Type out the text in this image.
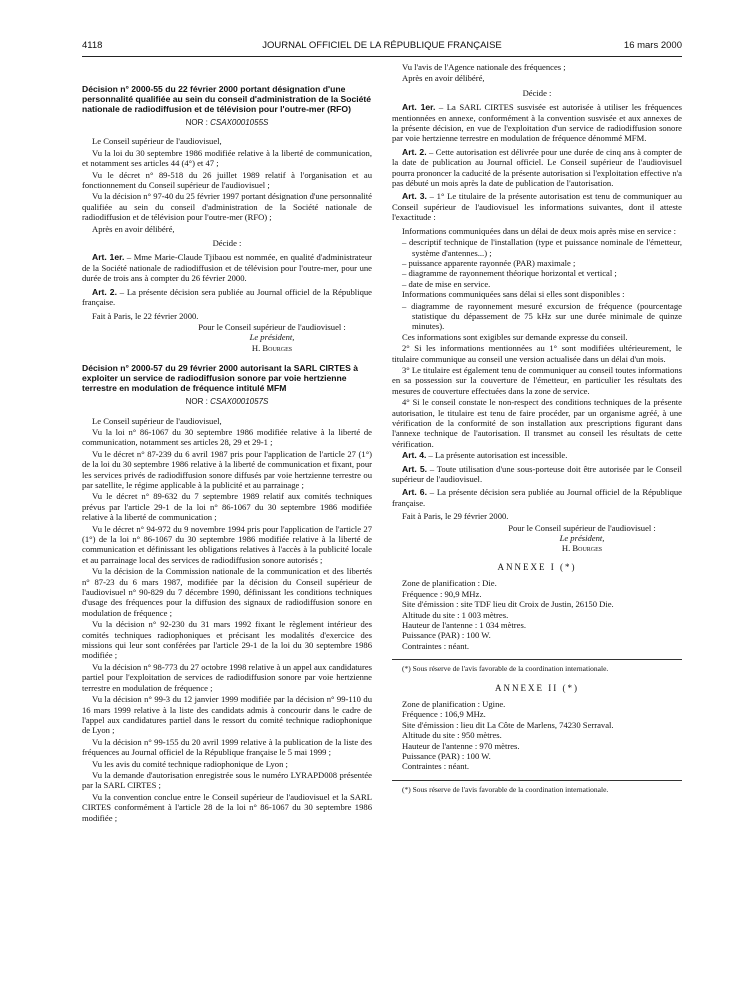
4118	JOURNAL OFFICIEL DE LA RÉPUBLIQUE FRANÇAISE	16 mars 2000
Décision n° 2000-55 du 22 février 2000 portant désignation d'une personnalité qualifiée au sein du conseil d'administration de la Société nationale de radiodiffusion et de télévision pour l'outre-mer (RFO)
NOR : CSAX0001055S

Le Conseil supérieur de l'audiovisuel,

Vu la loi du 30 septembre 1986 modifiée relative à la liberté de communication, et notamment ses articles 44 (4°) et 47 ;

Vu le décret n° 89-518 du 26 juillet 1989 relatif à l'organisation et au fonctionnement du Conseil supérieur de l'audiovisuel ;

Vu la décision n° 97-40 du 25 février 1997 portant désignation d'une personnalité qualifiée au sein du conseil d'administration de la Société nationale de radiodiffusion et de télévision pour l'outre-mer (RFO) ;

Après en avoir délibéré,

Décide :

Art. 1er. – Mme Marie-Claude Tjibaou est nommée, en qualité d'administrateur de la Société nationale de radiodiffusion et de télévision pour l'outre-mer, pour une durée de trois ans à compter du 26 février 2000.

Art. 2. – La présente décision sera publiée au Journal officiel de la République française.

Fait à Paris, le 22 février 2000.

Pour le Conseil supérieur de l'audiovisuel :

Le président,

H. Bourges

Décision n° 2000-57 du 29 février 2000 autorisant la SARL CIRTES à exploiter un service de radiodiffusion sonore par voie hertzienne terrestre en modulation de fréquence intitulé MFM
NOR : CSAX0001057S

Le Conseil supérieur de l'audiovisuel,

Vu la loi n° 86-1067 du 30 septembre 1986 modifiée relative à la liberté de communication, notamment ses articles 28, 29 et 29-1 ;

Vu le décret n° 87-239 du 6 avril 1987 pris pour l'application de l'article 27 (1°) de la loi du 30 septembre 1986 relative à la liberté de communication et fixant, pour les services privés de radiodiffusion sonore diffusés par voie hertzienne terrestre ou par satellite, le régime applicable à la publicité et au parrainage ;

Vu le décret n° 89-632 du 7 septembre 1989 relatif aux comités techniques prévus par l'article 29-1 de la loi n° 86-1067 du 30 septembre 1986 modifiée relative à la liberté de communication ;

Vu le décret n° 94-972 du 9 novembre 1994 pris pour l'application de l'article 27 (1°) de la loi n° 86-1067 du 30 septembre 1986 modifiée relative à la liberté de communication et définissant les obligations relatives à l'accès à la publicité locale et au parrainage local des services de radiodiffusion sonore autorisés ;

Vu la décision de la Commission nationale de la communication et des libertés n° 87-23 du 6 mars 1987, modifiée par la décision du Conseil supérieur de l'audiovisuel n° 90-829 du 7 décembre 1990, définissant les conditions techniques d'usage des fréquences pour la diffusion des signaux de radiodiffusion sonore en modulation de fréquence ;

Vu la décision n° 92-230 du 31 mars 1992 fixant le règlement intérieur des comités techniques radiophoniques et précisant les modalités d'exercice des missions qui leur sont conférées par l'article 29-1 de la loi du 30 septembre 1986 modifiée ;

Vu la décision n° 98-773 du 27 octobre 1998 relative à un appel aux candidatures partiel pour l'exploitation de services de radiodiffusion sonore par voie hertzienne terrestre en modulation de fréquence ;

Vu la décision n° 99-3 du 12 janvier 1999 modifiée par la décision n° 99-110 du 16 mars 1999 relative à la liste des candidats admis à concourir dans le cadre de l'appel aux candidatures partiel dans le ressort du comité technique radiophonique de Lyon ;

Vu la décision n° 99-155 du 20 avril 1999 relative à la publication de la liste des fréquences au Journal officiel de la République française le 5 mai 1999 ;

Vu les avis du comité technique radiophonique de Lyon ;

Vu la demande d'autorisation enregistrée sous le numéro LYRAPD008 présentée par la SARL CIRTES ;

Vu la convention conclue entre le Conseil supérieur de l'audiovisuel et la SARL CIRTES conformément à l'article 28 de la loi n° 86-1067 du 30 septembre 1986 modifiée ;

Vu l'avis de l'Agence nationale des fréquences ;

Après en avoir délibéré,

Décide :

Art. 1er. – La SARL CIRTES susvisée est autorisée à utiliser les fréquences mentionnées en annexe, conformément à la convention susvisée et aux annexes de la présente décision, en vue de l'exploitation d'un service de radiodiffusion sonore par voie hertzienne terrestre en modulation de fréquence dénommé MFM.

Art. 2. – Cette autorisation est délivrée pour une durée de cinq ans à compter de la date de publication au Journal officiel. Le Conseil supérieur de l'audiovisuel pourra prononcer la caducité de la présente autorisation si l'exploitation effective n'a pas débuté un mois après la date de publication de l'autorisation.

Art. 3. – 1° Le titulaire de la présente autorisation est tenu de communiquer au Conseil supérieur de l'audiovisuel les informations suivantes, dont il atteste l'exactitude :

Informations communiquées dans un délai de deux mois après mise en service :

– descriptif technique de l'installation (type et puissance nominale de l'émetteur, système d'antennes...) ;

– puissance apparente rayonnée (PAR) maximale ;

– diagramme de rayonnement théorique horizontal et vertical ;

– date de mise en service.

Informations communiquées sans délai si elles sont disponibles :

– diagramme de rayonnement mesuré excursion de fréquence (pourcentage statistique du dépassement de 75 kHz sur une durée minimale de quinze minutes).

Ces informations sont exigibles sur demande expresse du conseil.

2° Si les informations mentionnées au 1° sont modifiées ultérieurement, le titulaire communique au conseil une version actualisée dans un délai d'un mois.

3° Le titulaire est également tenu de communiquer au conseil toutes informations en sa possession sur la couverture de l'émetteur, en particulier les résultats des mesures de couverture effectuées dans la zone de service.

4° Si le conseil constate le non-respect des conditions techniques de la présente autorisation, le titulaire est tenu de faire procéder, par un organisme agréé, à une vérification de la conformité de son installation aux prescriptions figurant dans l'annexe technique de l'autorisation. Il transmet au conseil les résultats de cette vérification.

Art. 4. – La présente autorisation est incessible.

Art. 5. – Toute utilisation d'une sous-porteuse doit être autorisée par le Conseil supérieur de l'audiovisuel.

Art. 6. – La présente décision sera publiée au Journal officiel de la République française.

Fait à Paris, le 29 février 2000.

Pour le Conseil supérieur de l'audiovisuel :

Le président,

H. Bourges

ANNEXE I (*)

Zone de planification : Die.

Fréquence : 90,9 MHz.

Site d'émission : site TDF lieu dit Croix de Justin, 26150 Die.

Altitude du site : 1 003 mètres.

Hauteur de l'antenne : 1 034 mètres.

Puissance (PAR) : 100 W.

Contraintes : néant.

(*) Sous réserve de l'avis favorable de la coordination internationale.

ANNEXE II (*)

Zone de planification : Ugine.

Fréquence : 106,9 MHz.

Site d'émission : lieu dit La Côte de Marlens, 74230 Serraval.

Altitude du site : 950 mètres.

Hauteur de l'antenne : 970 mètres.

Puissance (PAR) : 100 W.

Contraintes : néant.

(*) Sous réserve de l'avis favorable de la coordination internationale.
